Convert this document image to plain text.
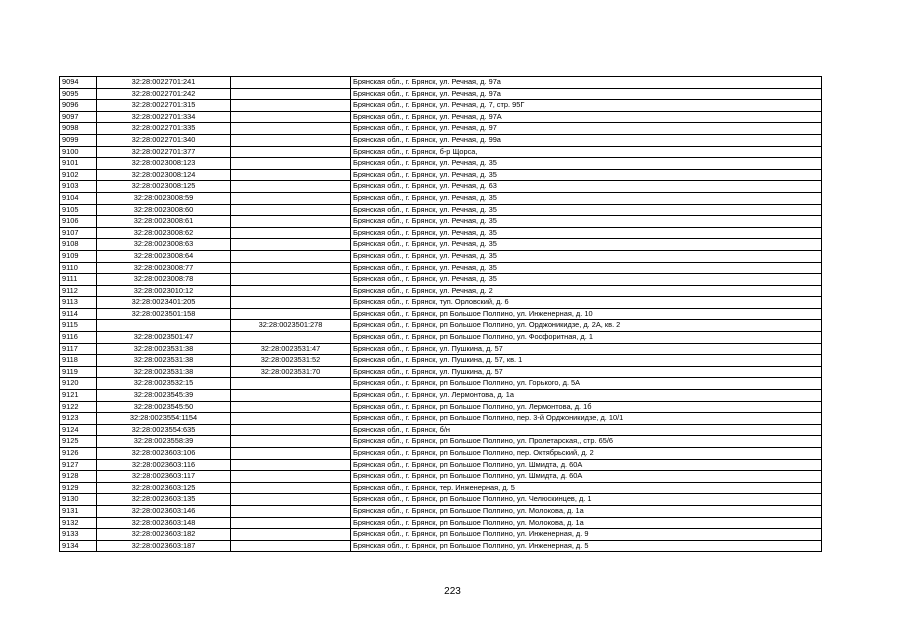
9094	32:28:0022701:241		Брянская обл., г. Брянск, ул. Речная, д. 97а
9095	32:28:0022701:242		Брянская обл., г. Брянск, ул. Речная, д. 97а
9096	32:28:0022701:315		Брянская обл., г. Брянск, ул. Речная, д. 7, стр. 95Г
9097	32:28:0022701:334		Брянская обл., г. Брянск, ул. Речная, д. 97А
9098	32:28:0022701:335		Брянская обл., г. Брянск, ул. Речная, д. 97
9099	32:28:0022701:340		Брянская обл., г. Брянск, ул. Речная, д. 99а
9100	32:28:0022701:377		Брянская обл., г. Брянск, б-р Щорса,
9101	32:28:0023008:123		Брянская обл., г. Брянск, ул. Речная, д. 35
9102	32:28:0023008:124		Брянская обл., г. Брянск, ул. Речная, д. 35
9103	32:28:0023008:125		Брянская обл., г. Брянск, ул. Речная, д. 63
9104	32:28:0023008:59		Брянская обл., г. Брянск, ул. Речная, д. 35
9105	32:28:0023008:60		Брянская обл., г. Брянск, ул. Речная, д. 35
9106	32:28:0023008:61		Брянская обл., г. Брянск, ул. Речная, д. 35
9107	32:28:0023008:62		Брянская обл., г. Брянск, ул. Речная, д. 35
9108	32:28:0023008:63		Брянская обл., г. Брянск, ул. Речная, д. 35
9109	32:28:0023008:64		Брянская обл., г. Брянск, ул. Речная, д. 35
9110	32:28:0023008:77		Брянская обл., г. Брянск, ул. Речная, д. 35
9111	32:28:0023008:78		Брянская обл., г. Брянск, ул. Речная, д. 35
9112	32:28:0023010:12		Брянская обл., г. Брянск, ул. Речная, д. 2
9113	32:28:0023401:205		Брянская обл., г. Брянск, туп. Орловский, д. 6
9114	32:28:0023501:158		Брянская обл., г. Брянск, рп Большое Полпино, ул. Инженерная, д. 10
9115		32:28:0023501:278	Брянская обл., г. Брянск, рп Большое Полпино, ул. Орджоникидзе, д. 2А, кв. 2
9116	32:28:0023501:47		Брянская обл., г. Брянск, рп Большое Полпино, ул. Фосфоритная, д. 1
9117	32:28:0023531:38	32:28:0023531:47	Брянская обл., г. Брянск, ул. Пушкина, д. 57
9118	32:28:0023531:38	32:28:0023531:52	Брянская обл., г. Брянск, ул. Пушкина, д. 57, кв. 1
9119	32:28:0023531:38	32:28:0023531:70	Брянская обл., г. Брянск, ул. Пушкина, д. 57
9120	32:28:0023532:15		Брянская обл., г. Брянск, рп Большое Полпино, ул. Горького, д. 5А
9121	32:28:0023545:39		Брянская обл., г. Брянск, ул. Лермонтова, д. 1а
9122	32:28:0023545:50		Брянская обл., г. Брянск, рп Большое Полпино, ул. Лермонтова, д. 1б
9123	32:28:0023554:1154		Брянская обл., г. Брянск, рп Большое Полпино, пер. 3-й Орджоникидзе, д. 10/1
9124	32:28:0023554:635		Брянская обл., г. Брянск, б/н
9125	32:28:0023558:39		Брянская обл., г. Брянск, рп Большое Полпино, ул. Пролетарская,, стр. 65/6
9126	32:28:0023603:106		Брянская обл., г. Брянск, рп Большое Полпино, пер. Октябрьский, д. 2
9127	32:28:0023603:116		Брянская обл., г. Брянск, рп Большое Полпино, ул. Шмидта, д. 60А
9128	32:28:0023603:117		Брянская обл., г. Брянск, рп Большое Полпино, ул. Шмидта, д. 60А
9129	32:28:0023603:125		Брянская обл., г. Брянск, тер. Инженерная, д. 5
9130	32:28:0023603:135		Брянская обл., г. Брянск, рп Большое Полпино, ул. Челюскинцев, д. 1
9131	32:28:0023603:146		Брянская обл., г. Брянск, рп Большое Полпино, ул. Молокова, д. 1а
9132	32:28:0023603:148		Брянская обл., г. Брянск, рп Большое Полпино, ул. Молокова, д. 1а
9133	32:28:0023603:182		Брянская обл., г. Брянск, рп Большое Полпино, ул. Инженерная, д. 9
9134	32:28:0023603:187		Брянская обл., г. Брянск, рп Большое Полпино, ул. Инженерная, д. 5
223
